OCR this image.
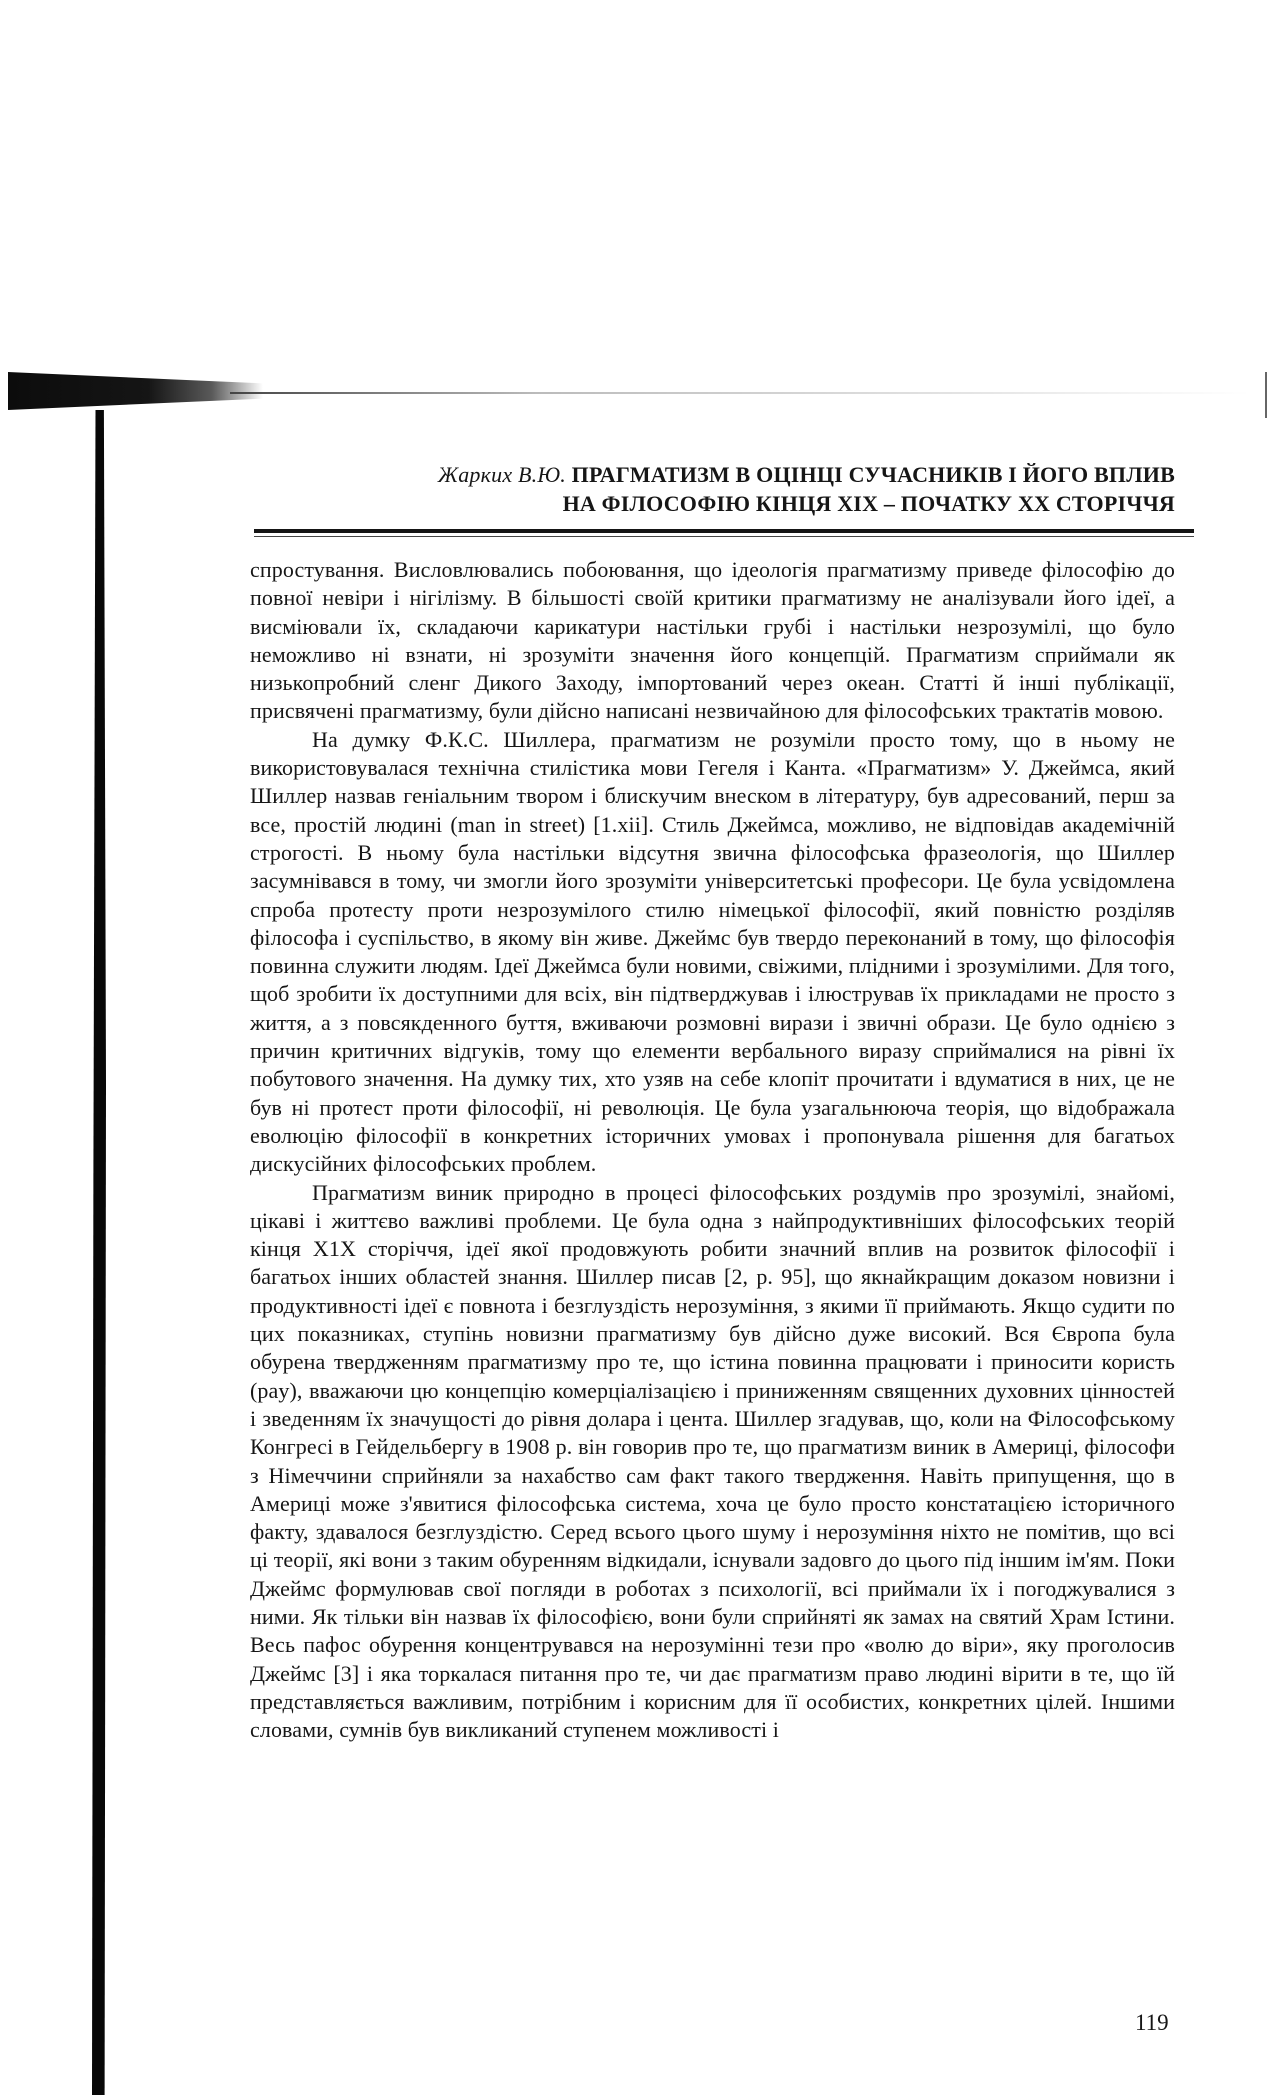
Жарких В.Ю. ПРАГМАТИЗМ В ОЦІНЦІ СУЧАСНИКІВ І ЙОГО ВПЛИВ
НА ФІЛОСОФІЮ КІНЦЯ XIX – ПОЧАТКУ XX СТОРІЧЧЯ

спростування. Висловлювались побоювання, що ідеологія прагматизму приведе філософію до повної невіри і нігілізму. В більшості своїй критики прагматизму не аналізували його ідеї, а висміювали їх, складаючи карикатури настільки грубі і настільки незрозумілі, що було неможливо ні взнати, ні зрозуміти значення його концепцій. Прагматизм сприймали як низькопробний сленг Дикого Заходу, імпортований через океан. Статті й інші публікації, присвячені прагматизму, були дійсно написані незвичайною для філософських трактатів мовою.

На думку Ф.К.С. Шиллера, прагматизм не розуміли просто тому, що в ньому не використовувалася технічна стилістика мови Гегеля і Канта. «Прагматизм» У. Джеймса, який Шиллер назвав геніальним твором і блискучим внеском в літературу, був адресований, перш за все, простій людині (man in street) [1.xii]. Стиль Джеймса, можливо, не відповідав академічній строгості. В ньому була настільки відсутня звична філософська фразеологія, що Шиллер засумнівався в тому, чи змогли його зрозуміти університетські професори. Це була усвідомлена спроба протесту проти незрозумілого стилю німецької філософії, який повністю розділяв філософа і суспільство, в якому він живе. Джеймс був твердо переконаний в тому, що філософія повинна служити людям. Ідеї Джеймса були новими, свіжими, плідними і зрозумілими. Для того, щоб зробити їх доступними для всіх, він підтверджував і ілюстрував їх прикладами не просто з життя, а з повсякденного буття, вживаючи розмовні вирази і звичні образи. Це було однією з причин критичних відгуків, тому що елементи вербального виразу сприймалися на рівні їх побутового значення. На думку тих, хто узяв на себе клопіт прочитати і вдуматися в них, це не був ні протест проти філософії, ні революція. Це була узагальнююча теорія, що відображала еволюцію філософії в конкретних історичних умовах і пропонувала рішення для багатьох дискусійних філософських проблем.

Прагматизм виник природно в процесі філософських роздумів про зрозумілі, знайомі, цікаві і життєво важливі проблеми. Це була одна з найпродуктивніших філософських теорій кінця Х1Х сторіччя, ідеї якої продовжують робити значний вплив на розвиток філософії і багатьох інших областей знання. Шиллер писав [2, p. 95], що якнайкращим доказом новизни і продуктивності ідеї є повнота і безглуздість нерозуміння, з якими її приймають. Якщо судити по цих показниках, ступінь новизни прагматизму був дійсно дуже високий. Вся Європа була обурена твердженням прагматизму про те, що істина повинна працювати і приносити користь (pay), вважаючи цю концепцію комерціалізацією і приниженням священних духовних цінностей і зведенням їх значущості до рівня долара і цента. Шиллер згадував, що, коли на Філософському Конгресі в Гейдельбергу в 1908 р. він говорив про те, що прагматизм виник в Америці, філософи з Німеччини сприйняли за нахабство сам факт такого твердження. Навіть припущення, що в Америці може з'явитися філософська система, хоча це було просто констатацією історичного факту, здавалося безглуздістю. Серед всього цього шуму і нерозуміння ніхто не помітив, що всі ці теорії, які вони з таким обуренням відкидали, існували задовго до цього під іншим ім'ям. Поки Джеймс формулював свої погляди в роботах з психології, всі приймали їх і погоджувалися з ними. Як тільки він назвав їх філософією, вони були сприйняті як замах на святий Храм Істини. Весь пафос обурення концентрувався на нерозумінні тези про «волю до віри», яку проголосив Джеймс [3] і яка торкалася питання про те, чи дає прагматизм право людині вірити в те, що їй представляється важливим, потрібним і корисним для її особистих, конкретних цілей. Іншими словами, сумнів був викликаний ступенем можливості і

119
